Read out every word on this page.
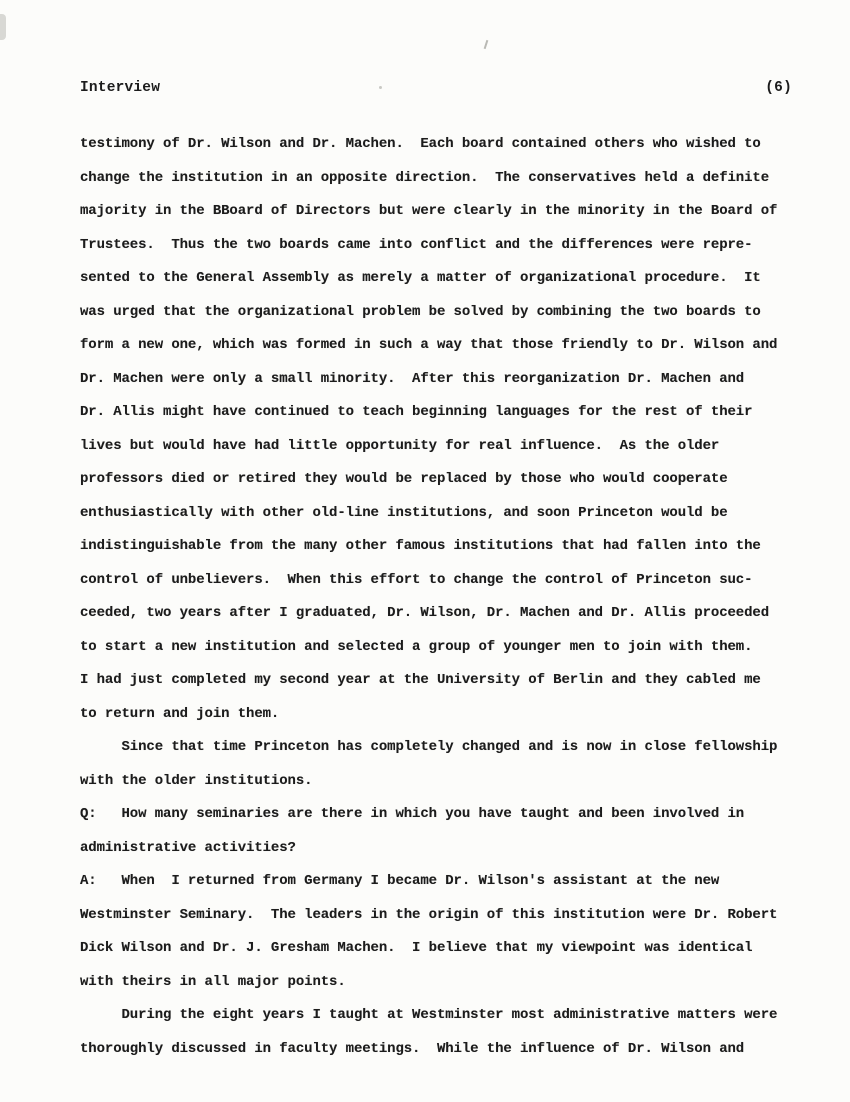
Interview	(6)
testimony of Dr. Wilson and Dr. Machen.  Each board contained others who wished to
change the institution in an opposite direction.  The conservatives held a definite
majority in the BBoard of Directors but were clearly in the minority in the Board of
Trustees.  Thus the two boards came into conflict and the differences were repre-
sented to the General Assembly as merely a matter of organizational procedure.  It
was urged that the organizational problem be solved by combining the two boards to
form a new one, which was formed in such a way that those friendly to Dr. Wilson and
Dr. Machen were only a small minority.  After this reorganization Dr. Machen and
Dr. Allis might have continued to teach beginning languages for the rest of their
lives but would have had little opportunity for real influence.  As the older
professors died or retired they would be replaced by those who would cooperate
enthusiastically with other old-line institutions, and soon Princeton would be
indistinguishable from the many other famous institutions that had fallen into the
control of unbelievers.  When this effort to change the control of Princeton suc-
ceeded, two years after I graduated, Dr. Wilson, Dr. Machen and Dr. Allis proceeded
to start a new institution and selected a group of younger men to join with them.
I had just completed my second year at the University of Berlin and they cabled me
to return and join them.
Since that time Princeton has completely changed and is now in close fellowship
with the older institutions.
Q:   How many seminaries are there in which you have taught and been involved in
administrative activities?
A:   When  I returned from Germany I became Dr. Wilson's assistant at the new
Westminster Seminary.  The leaders in the origin of this institution were Dr. Robert
Dick Wilson and Dr. J. Gresham Machen.  I believe that my viewpoint was identical
with theirs in all major points.
During the eight years I taught at Westminster most administrative matters were
thoroughly discussed in faculty meetings.  While the influence of Dr. Wilson and
